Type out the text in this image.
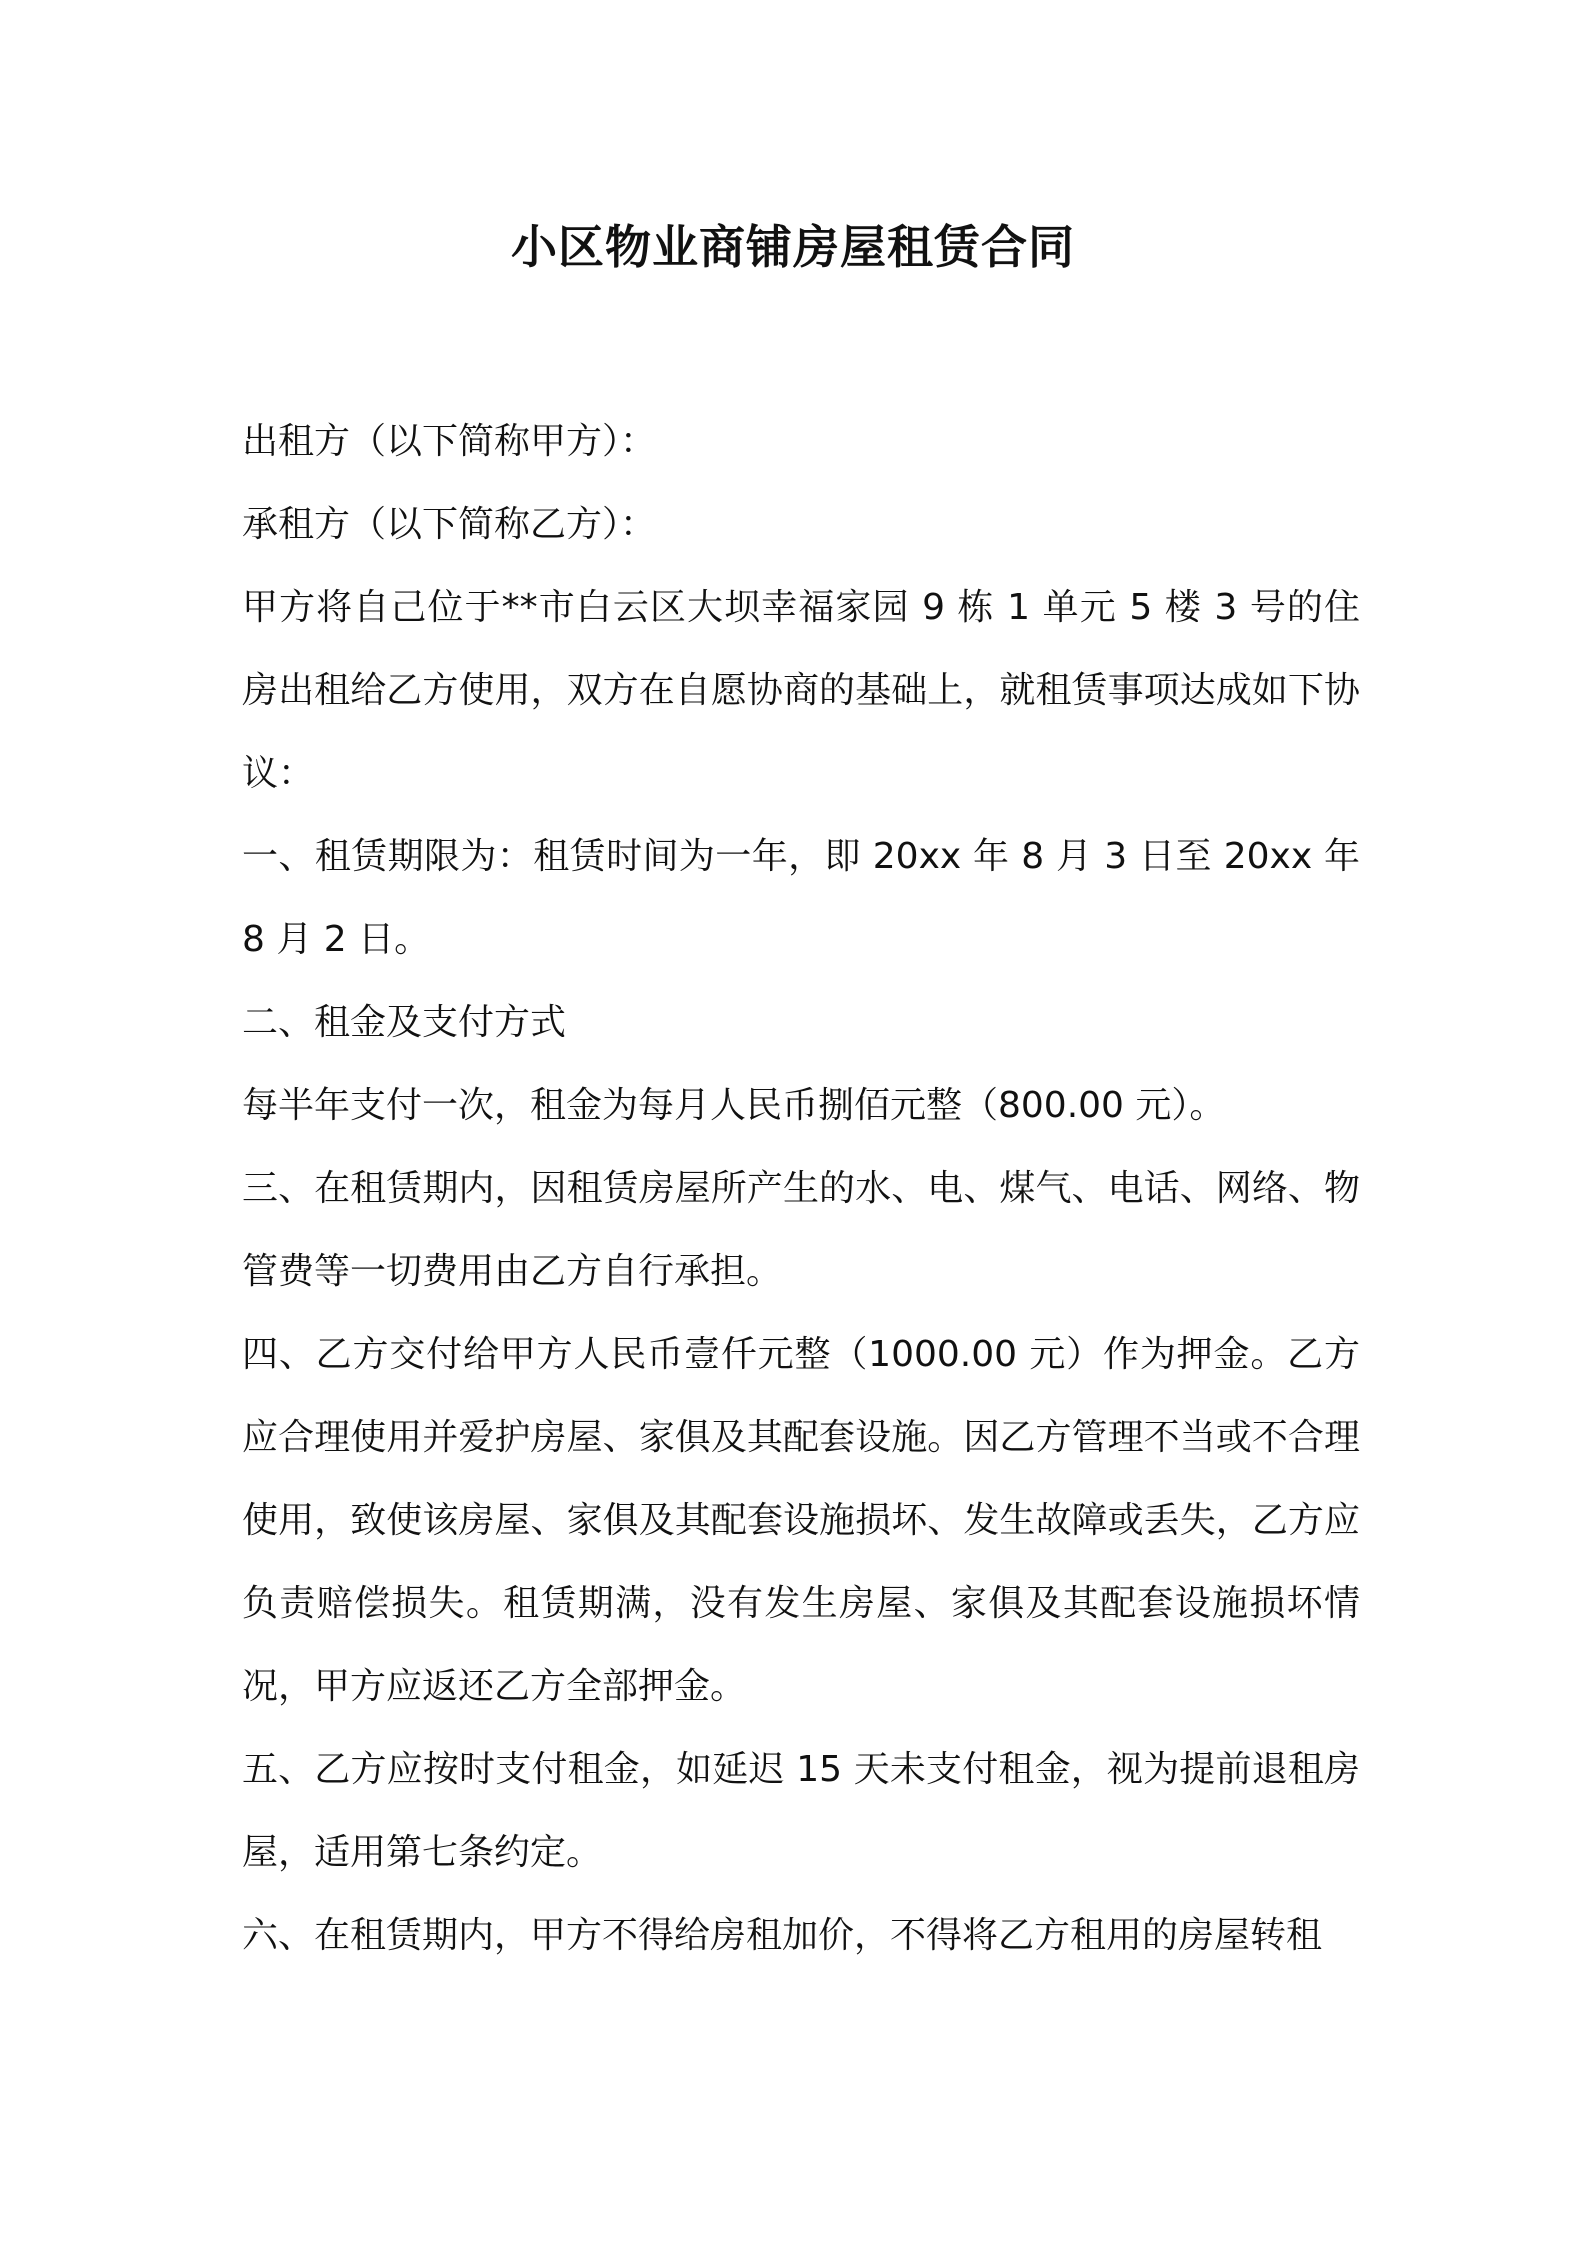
小区物业商铺房屋租赁合同

出租方（以下简称甲方）：

承租方（以下简称乙方）：

甲方将自己位于**市白云区大坝幸福家园 9 栋 1 单元 5 楼 3 号的住房出租给乙方使用，双方在自愿协商的基础上，就租赁事项达成如下协议：

一、租赁期限为：租赁时间为一年，即 20xx 年 8 月 3 日至 20xx 年 8 月 2 日。

二、租金及支付方式

每半年支付一次，租金为每月人民币捌佰元整（800.00 元）。

三、在租赁期内，因租赁房屋所产生的水、电、煤气、电话、网络、物管费等一切费用由乙方自行承担。

四、乙方交付给甲方人民币壹仟元整（1000.00 元）作为押金。乙方应合理使用并爱护房屋、家俱及其配套设施。因乙方管理不当或不合理使用，致使该房屋、家俱及其配套设施损坏、发生故障或丢失，乙方应负责赔偿损失。租赁期满，没有发生房屋、家俱及其配套设施损坏情况，甲方应返还乙方全部押金。

五、乙方应按时支付租金，如延迟 15 天未支付租金，视为提前退租房屋，适用第七条约定。

六、在租赁期内，甲方不得给房租加价，不得将乙方租用的房屋转租
